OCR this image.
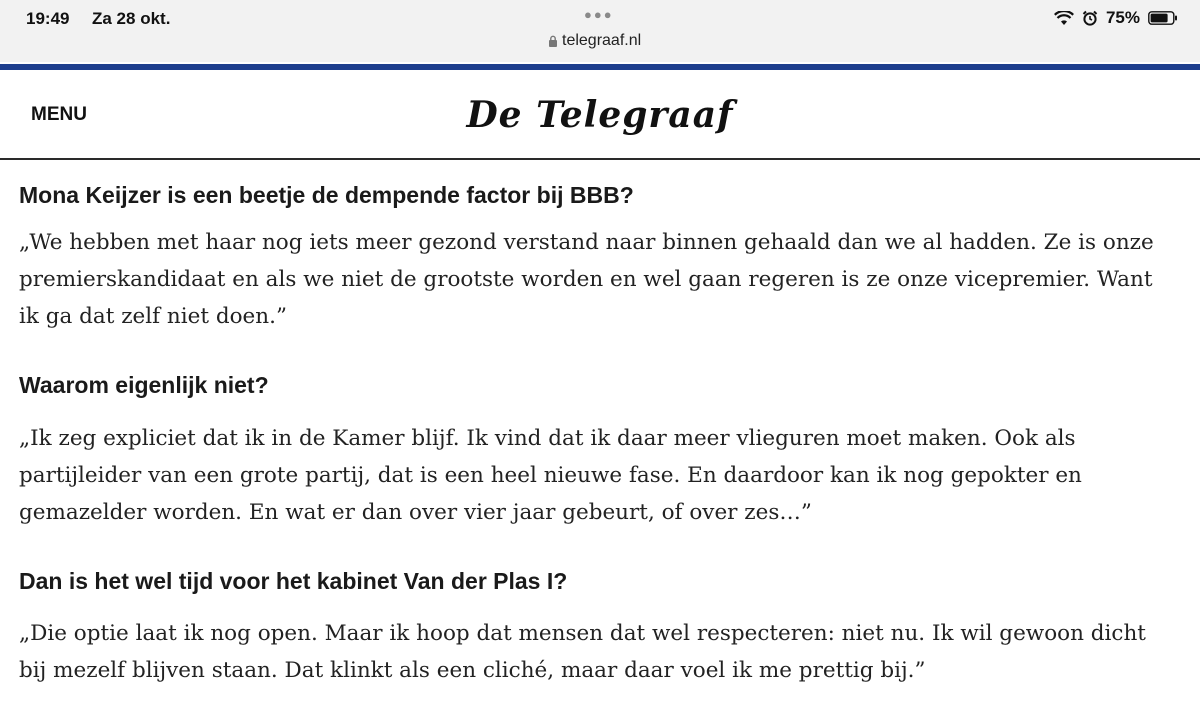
19:49 Za 28 okt.	●●●	75%
telegraaf.nl
MENU	De Telegraaf

Mona Keijzer is een beetje de dempende factor bij BBB?

„We hebben met haar nog iets meer gezond verstand naar binnen gehaald dan we al hadden. Ze is onze premierskandidaat en als we niet de grootste worden en wel gaan regeren is ze onze vicepremier. Want ik ga dat zelf niet doen.”

Waarom eigenlijk niet?

„Ik zeg expliciet dat ik in de Kamer blijf. Ik vind dat ik daar meer vlieguren moet maken. Ook als partijleider van een grote partij, dat is een heel nieuwe fase. En daardoor kan ik nog gepokter en gemazelder worden. En wat er dan over vier jaar gebeurt, of over zes…”

Dan is het wel tijd voor het kabinet Van der Plas I?

„Die optie laat ik nog open. Maar ik hoop dat mensen dat wel respecteren: niet nu. Ik wil gewoon dicht bij mezelf blijven staan. Dat klinkt als een cliché, maar daar voel ik me prettig bij.”
